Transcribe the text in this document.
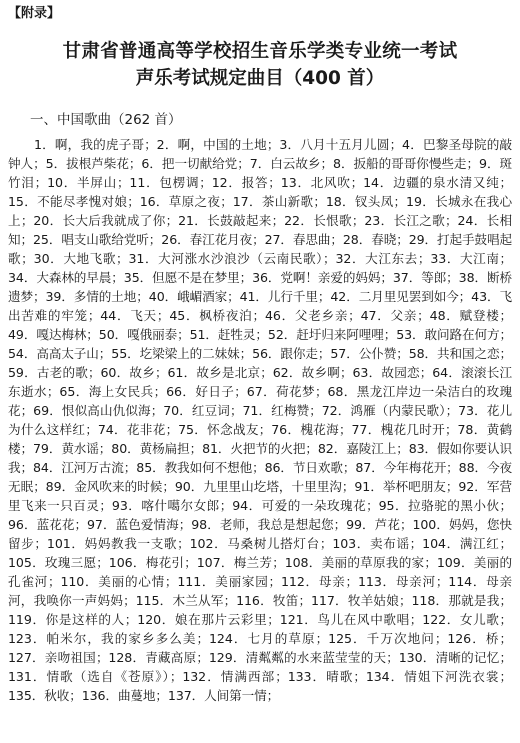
【附录】
甘肃省普通高等学校招生音乐学类专业统一考试
声乐考试规定曲目（400 首）
一、中国歌曲（262 首）
1．啊，我的虎子哥；2．啊，中国的土地；3．八月十五月儿圆；4．巴黎圣母院的敲钟人；5．拔根芦柴花；6．把一切献给党；7．白云故乡；8．扳船的哥哥你慢些走；9．斑竹泪；10．半屏山；11．包楞调；12．报答；13．北风吹；14．边疆的泉水清又纯；15．不能尽孝愧对娘；16．草原之夜；17．茶山新歌；18．钗头凤；19．长城永在我心上；20．长大后我就成了你；21．长鼓敲起来；22．长恨歌；23．长江之歌；24．长相知；25．唱支山歌给党听；26．春江花月夜；27．春思曲；28．春晓；29．打起手鼓唱起歌；30．大地飞歌；31．大河涨水沙浪沙（云南民歌）；32．大江东去；33．大江南；34．大森林的早晨；35．但愿不是在梦里；36．党啊！亲爱的妈妈；37．等郎；38．断桥遗梦；39．多情的土地；40．峨嵋酒家；41．儿行千里；42．二月里见罢到如今；43．飞出苦难的牢笼；44．飞天；45．枫桥夜泊；46．父老乡亲；47．父亲；48．赋登楼；49．嘎达梅林；50．嘎俄丽泰；51．赶牲灵；52．赶圩归来阿哩哩；53．敢问路在何方；54．高高太子山；55．圪梁梁上的二妹妹；56．跟你走；57．公仆赞；58．共和国之恋；59．古老的歌；60．故乡；61．故乡是北京；62．故乡啊；63．故园恋；64．滚滚长江东逝水；65．海上女民兵；66．好日子；67．荷花梦；68．黑龙江岸边一朵洁白的玫瑰花；69．恨似高山仇似海；70．红豆词；71．红梅赞；72．鸿雁（内蒙民歌）；73．花儿为什么这样红；74．花非花；75．怀念战友；76．槐花海；77．槐花几时开；78．黄鹤楼；79．黄水谣；80．黄杨扁担；81．火把节的火把；82．嘉陵江上；83．假如你要认识我；84．江河万古流；85．教我如何不想他；86．节日欢歌；87．今年梅花开；88．今夜无眠；89．金风吹来的时候；90．九里里山圪塔，十里里沟；91．举杯吧朋友；92．军营里飞来一只百灵；93．喀什噶尔女郎；94．可爱的一朵玫瑰花；95．拉骆驼的黑小伙；96．蓝花花；97．蓝色爱情海；98．老师，我总是想起您；99．芦花；100．妈妈，您快留步；101．妈妈教我一支歌；102．马桑树儿搭灯台；103．卖布谣；104．满江红；105．玫瑰三愿；106．梅花引；107．梅兰芳；108．美丽的草原我的家；109．美丽的孔雀河；110．美丽的心情；111．美丽家园；112．母亲；113．母亲河；114．母亲河，我唤你一声妈妈；115．木兰从军；116．牧笛；117．牧羊姑娘；118．那就是我；119．你是这样的人；120．娘在那片云彩里；121．鸟儿在风中歌唱；122．女儿歌；123．帕米尔，我的家乡多么美；124．七月的草原；125．千万次地问；126．桥；127．亲吻祖国；128．青藏高原；129．清粼粼的水来蓝莹莹的天；130．清晰的记忆；131．情歌（选自《苍原》）；132．情满西部；133．晴歌；134．情姐下河洗衣裳；135．秋收；136．曲蔓地；137．人间第一情；
